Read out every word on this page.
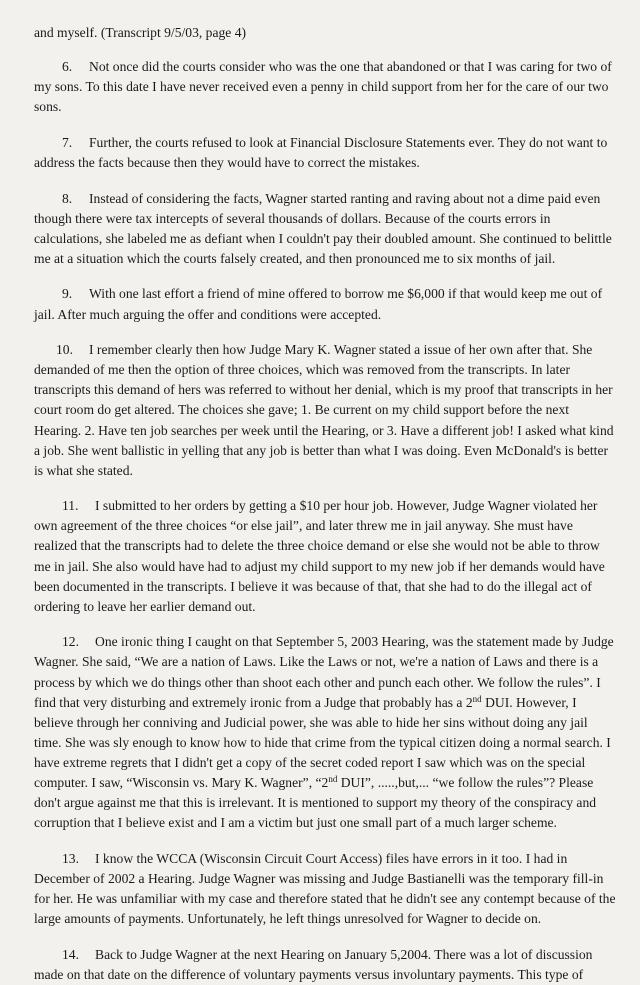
and myself. (Transcript 9/5/03, page 4)

6. Not once did the courts consider who was the one that abandoned or that I was caring for two of my sons. To this date I have never received even a penny in child support from her for the care of our two sons.

7. Further, the courts refused to look at Financial Disclosure Statements ever. They do not want to address the facts because then they would have to correct the mistakes.

8. Instead of considering the facts, Wagner started ranting and raving about not a dime paid even though there were tax intercepts of several thousands of dollars. Because of the courts errors in calculations, she labeled me as defiant when I couldn't pay their doubled amount. She continued to belittle me at a situation which the courts falsely created, and then pronounced me to six months of jail.

9. With one last effort a friend of mine offered to borrow me $6,000 if that would keep me out of jail. After much arguing the offer and conditions were accepted.

10. I remember clearly then how Judge Mary K. Wagner stated a issue of her own after that. She demanded of me then the option of three choices, which was removed from the transcripts. In later transcripts this demand of hers was referred to without her denial, which is my proof that transcripts in her court room do get altered. The choices she gave; 1. Be current on my child support before the next Hearing. 2. Have ten job searches per week until the Hearing, or 3. Have a different job! I asked what kind a job. She went ballistic in yelling that any job is better than what I was doing. Even McDonald's is better is what she stated.

11. I submitted to her orders by getting a $10 per hour job. However, Judge Wagner violated her own agreement of the three choices “or else jail”, and later threw me in jail anyway. She must have realized that the transcripts had to delete the three choice demand or else she would not be able to throw me in jail. She also would have had to adjust my child support to my new job if her demands would have been documented in the transcripts. I believe it was because of that, that she had to do the illegal act of ordering to leave her earlier demand out.

12. One ironic thing I caught on that September 5, 2003 Hearing, was the statement made by Judge Wagner. She said, “We are a nation of Laws. Like the Laws or not, we're a nation of Laws and there is a process by which we do things other than shoot each other and punch each other. We follow the rules”. I find that very disturbing and extremely ironic from a Judge that probably has a 2nd DUI. However, I believe through her conniving and Judicial power, she was able to hide her sins without doing any jail time. She was sly enough to know how to hide that crime from the typical citizen doing a normal search. I have extreme regrets that I didn't get a copy of the secret coded report I saw which was on the special computer. I saw, “Wisconsin vs. Mary K. Wagner”, “2nd DUI”, .....,but,... “we follow the rules”? Please don't argue against me that this is irrelevant. It is mentioned to support my theory of the conspiracy and corruption that I believe exist and I am a victim but just one small part of a much larger scheme.

13. I know the WCCA (Wisconsin Circuit Court Access) files have errors in it too. I had in December of 2002 a Hearing. Judge Wagner was missing and Judge Bastianelli was the temporary fill-in for her. He was unfamiliar with my case and therefore stated that he didn't see any contempt because of the large amounts of payments. Unfortunately, he left things unresolved for Wagner to decide on.

14. Back to Judge Wagner at the next Hearing on January 5,2004. There was a lot of discussion made on that date on the difference of voluntary payments versus involuntary payments. This type of
